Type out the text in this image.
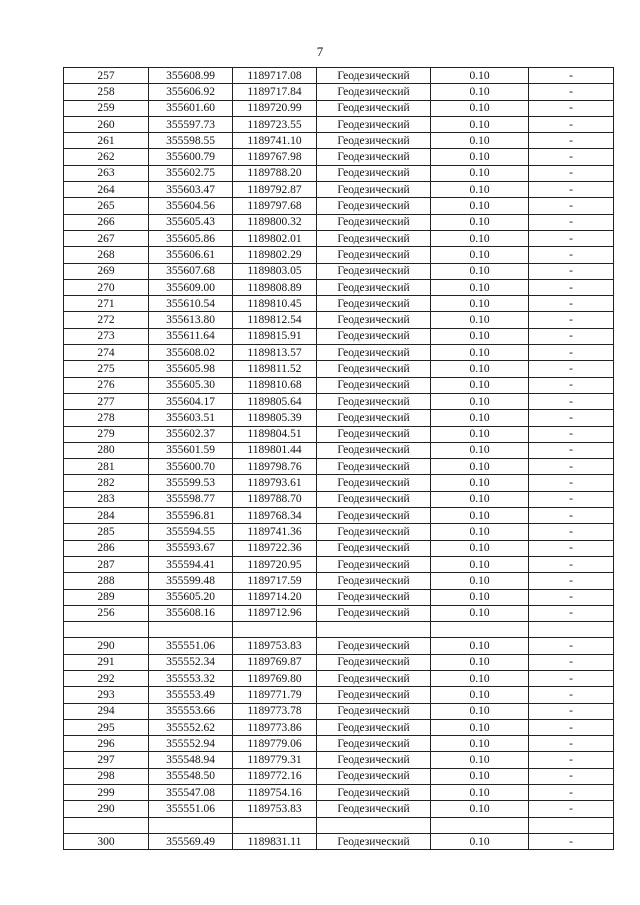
7
257	355608.99	1189717.08	Геодезический	0.10	-
258	355606.92	1189717.84	Геодезический	0.10	-
259	355601.60	1189720.99	Геодезический	0.10	-
260	355597.73	1189723.55	Геодезический	0.10	-
261	355598.55	1189741.10	Геодезический	0.10	-
262	355600.79	1189767.98	Геодезический	0.10	-
263	355602.75	1189788.20	Геодезический	0.10	-
264	355603.47	1189792.87	Геодезический	0.10	-
265	355604.56	1189797.68	Геодезический	0.10	-
266	355605.43	1189800.32	Геодезический	0.10	-
267	355605.86	1189802.01	Геодезический	0.10	-
268	355606.61	1189802.29	Геодезический	0.10	-
269	355607.68	1189803.05	Геодезический	0.10	-
270	355609.00	1189808.89	Геодезический	0.10	-
271	355610.54	1189810.45	Геодезический	0.10	-
272	355613.80	1189812.54	Геодезический	0.10	-
273	355611.64	1189815.91	Геодезический	0.10	-
274	355608.02	1189813.57	Геодезический	0.10	-
275	355605.98	1189811.52	Геодезический	0.10	-
276	355605.30	1189810.68	Геодезический	0.10	-
277	355604.17	1189805.64	Геодезический	0.10	-
278	355603.51	1189805.39	Геодезический	0.10	-
279	355602.37	1189804.51	Геодезический	0.10	-
280	355601.59	1189801.44	Геодезический	0.10	-
281	355600.70	1189798.76	Геодезический	0.10	-
282	355599.53	1189793.61	Геодезический	0.10	-
283	355598.77	1189788.70	Геодезический	0.10	-
284	355596.81	1189768.34	Геодезический	0.10	-
285	355594.55	1189741.36	Геодезический	0.10	-
286	355593.67	1189722.36	Геодезический	0.10	-
287	355594.41	1189720.95	Геодезический	0.10	-
288	355599.48	1189717.59	Геодезический	0.10	-
289	355605.20	1189714.20	Геодезический	0.10	-
256	355608.16	1189712.96	Геодезический	0.10	-

290	355551.06	1189753.83	Геодезический	0.10	-
291	355552.34	1189769.87	Геодезический	0.10	-
292	355553.32	1189769.80	Геодезический	0.10	-
293	355553.49	1189771.79	Геодезический	0.10	-
294	355553.66	1189773.78	Геодезический	0.10	-
295	355552.62	1189773.86	Геодезический	0.10	-
296	355552.94	1189779.06	Геодезический	0.10	-
297	355548.94	1189779.31	Геодезический	0.10	-
298	355548.50	1189772.16	Геодезический	0.10	-
299	355547.08	1189754.16	Геодезический	0.10	-
290	355551.06	1189753.83	Геодезический	0.10	-

300	355569.49	1189831.11	Геодезический	0.10	-
